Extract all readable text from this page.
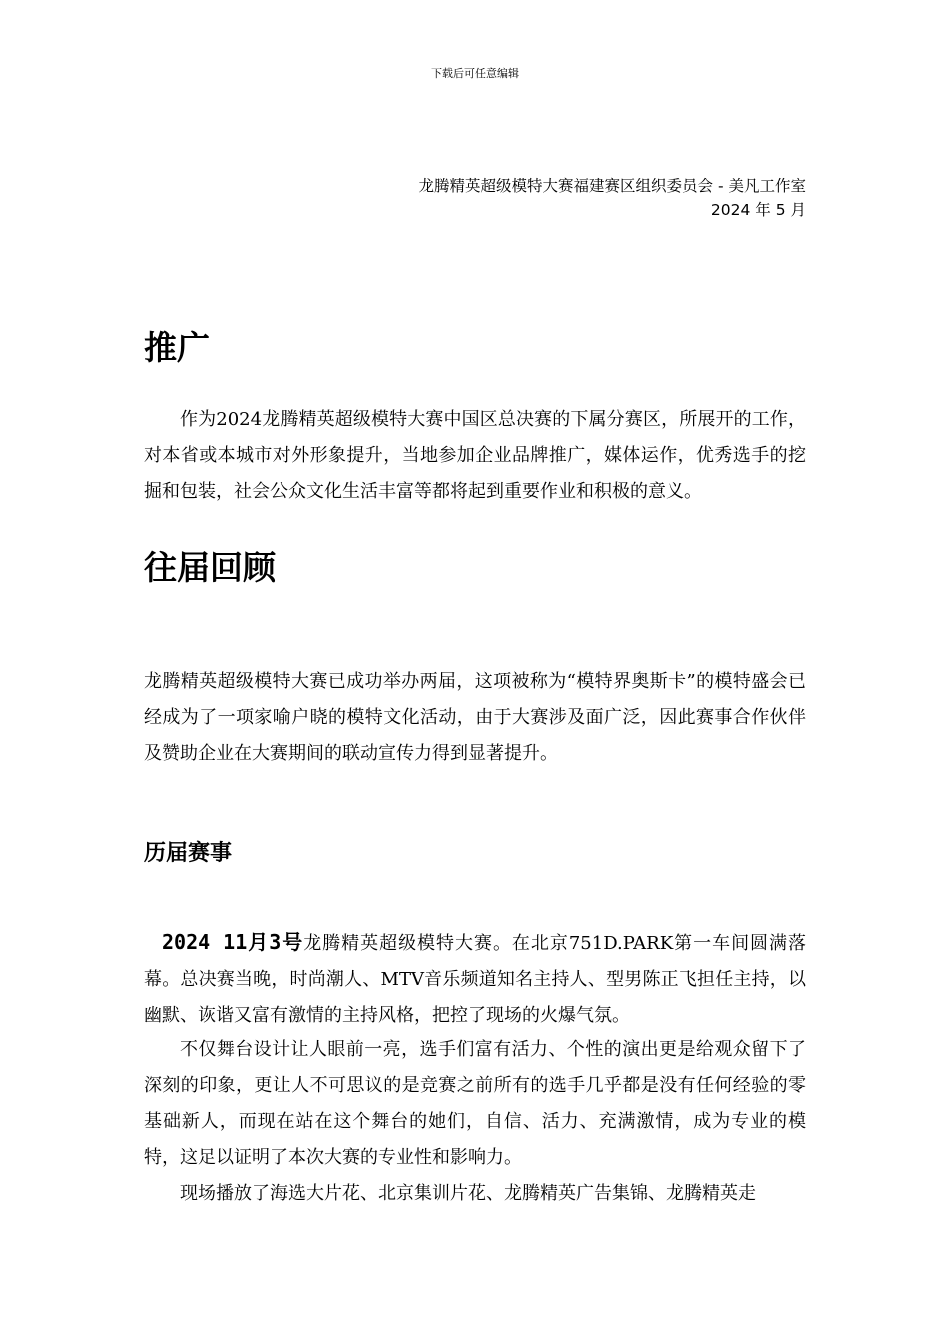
下载后可任意编辑
龙腾精英超级模特大赛福建赛区组织委员会 - 美凡工作室
2024 年 5 月
推广

作为2024龙腾精英超级模特大赛中国区总决赛的下属分赛区，所展开的工作，对本省或本城市对外形象提升，当地参加企业品牌推广，媒体运作，优秀选手的挖掘和包装，社会公众文化生活丰富等都将起到重要作业和积极的意义。

往届回顾

龙腾精英超级模特大赛已成功举办两届，这项被称为“模特界奥斯卡”的模特盛会已经成为了一项家喻户晓的模特文化活动，由于大赛涉及面广泛，因此赛事合作伙伴及赞助企业在大赛期间的联动宣传力得到显著提升。

历届赛事

2024 11月3号龙腾精英超级模特大赛。在北京751D.PARK第一车间圆满落幕。总决赛当晚，时尚潮人、MTV音乐频道知名主持人、型男陈正飞担任主持，以幽默、诙谐又富有激情的主持风格，把控了现场的火爆气氛。

不仅舞台设计让人眼前一亮，选手们富有活力、个性的演出更是给观众留下了深刻的印象，更让人不可思议的是竞赛之前所有的选手几乎都是没有任何经验的零基础新人，而现在站在这个舞台的她们，自信、活力、充满激情，成为专业的模特，这足以证明了本次大赛的专业性和影响力。

现场播放了海选大片花、北京集训片花、龙腾精英广告集锦、龙腾精英走
